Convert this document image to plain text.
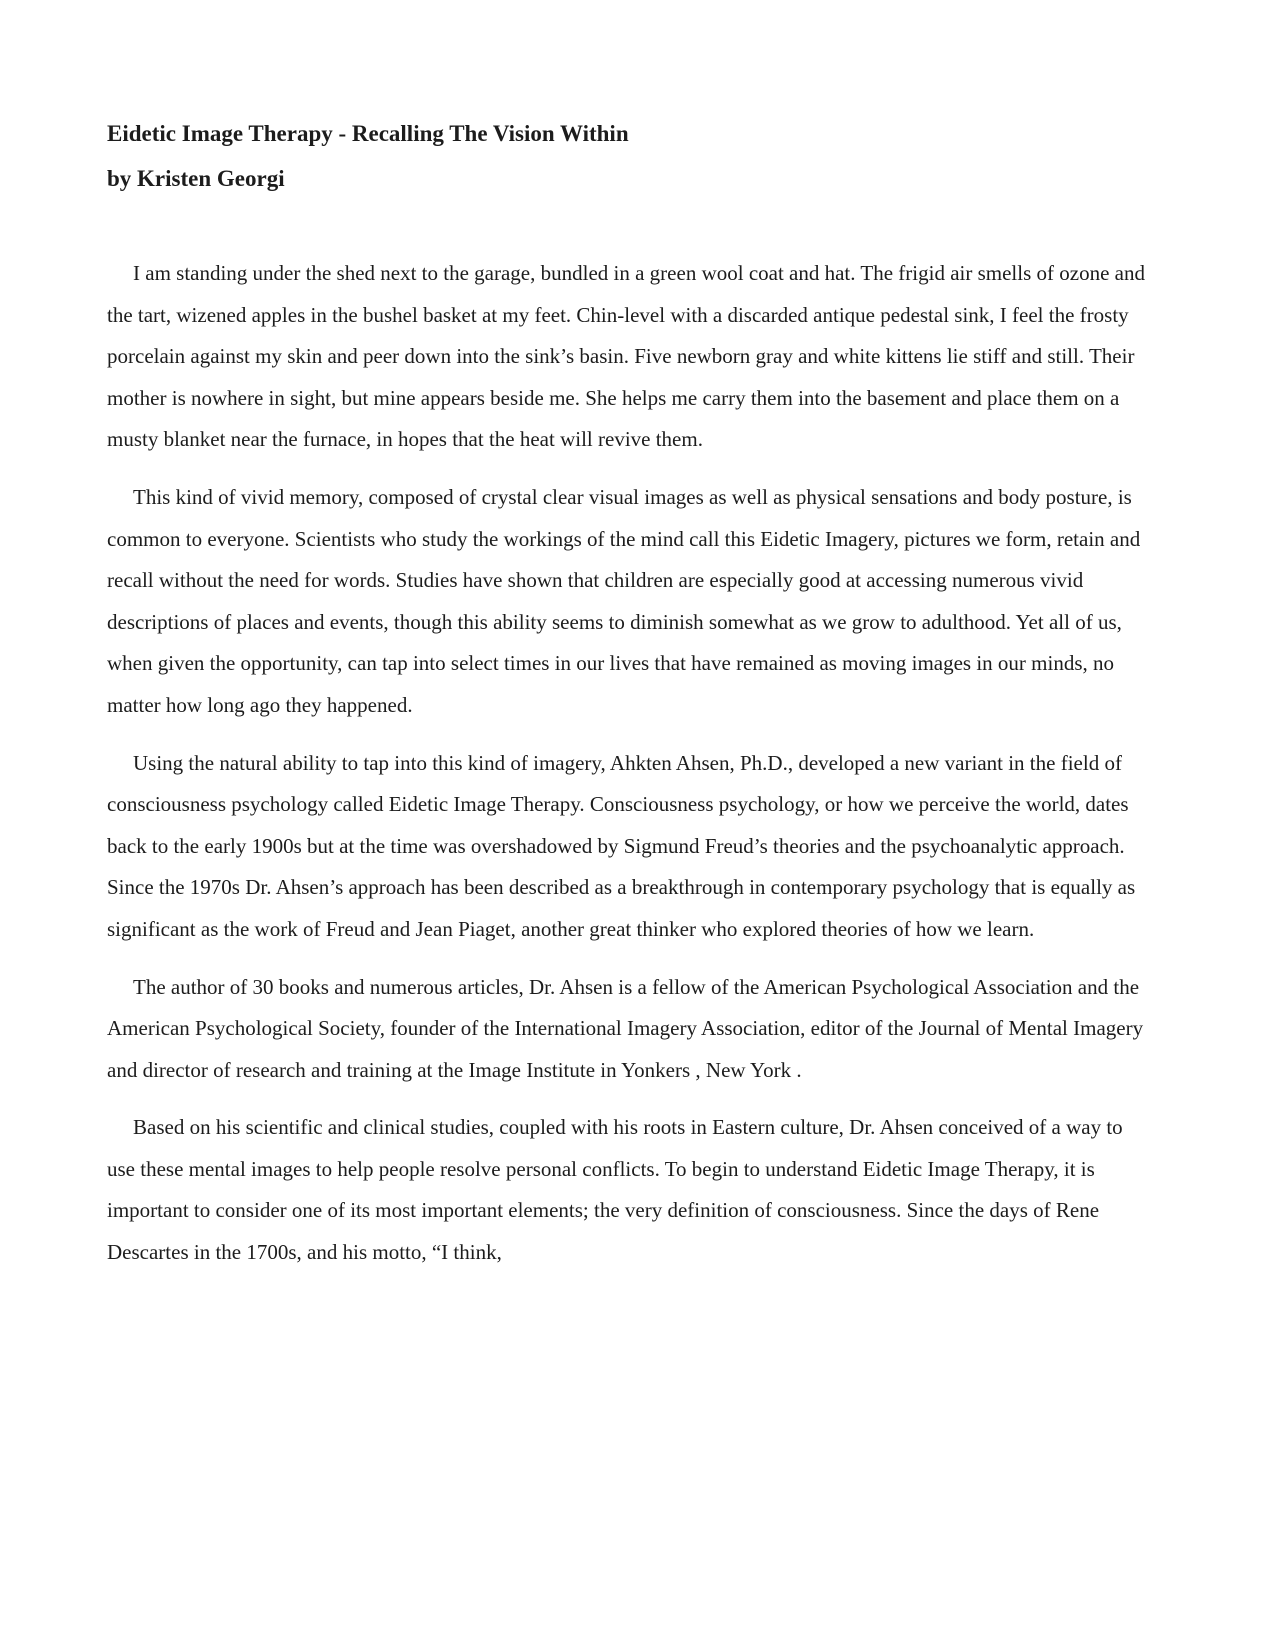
Eidetic Image Therapy - Recalling The Vision Within

by Kristen Georgi

I am standing under the shed next to the garage, bundled in a green wool coat and hat. The frigid air smells of ozone and the tart, wizened apples in the bushel basket at my feet. Chin-level with a discarded antique pedestal sink, I feel the frosty porcelain against my skin and peer down into the sink’s basin. Five newborn gray and white kittens lie stiff and still. Their mother is nowhere in sight, but mine appears beside me. She helps me carry them into the basement and place them on a musty blanket near the furnace, in hopes that the heat will revive them.

This kind of vivid memory, composed of crystal clear visual images as well as physical sensations and body posture, is common to everyone. Scientists who study the workings of the mind call this Eidetic Imagery, pictures we form, retain and recall without the need for words. Studies have shown that children are especially good at accessing numerous vivid descriptions of places and events, though this ability seems to diminish somewhat as we grow to adulthood. Yet all of us, when given the opportunity, can tap into select times in our lives that have remained as moving images in our minds, no matter how long ago they happened.

Using the natural ability to tap into this kind of imagery, Ahkten Ahsen, Ph.D., developed a new variant in the field of consciousness psychology called Eidetic Image Therapy. Consciousness psychology, or how we perceive the world, dates back to the early 1900s but at the time was overshadowed by Sigmund Freud’s theories and the psychoanalytic approach. Since the 1970s Dr. Ahsen’s approach has been described as a breakthrough in contemporary psychology that is equally as significant as the work of Freud and Jean Piaget, another great thinker who explored theories of how we learn.

The author of 30 books and numerous articles, Dr. Ahsen is a fellow of the American Psychological Association and the American Psychological Society, founder of the International Imagery Association, editor of the Journal of Mental Imagery and director of research and training at the Image Institute in Yonkers , New York .

Based on his scientific and clinical studies, coupled with his roots in Eastern culture, Dr. Ahsen conceived of a way to use these mental images to help people resolve personal conflicts. To begin to understand Eidetic Image Therapy, it is important to consider one of its most important elements; the very definition of consciousness. Since the days of Rene Descartes in the 1700s, and his motto, “I think,
